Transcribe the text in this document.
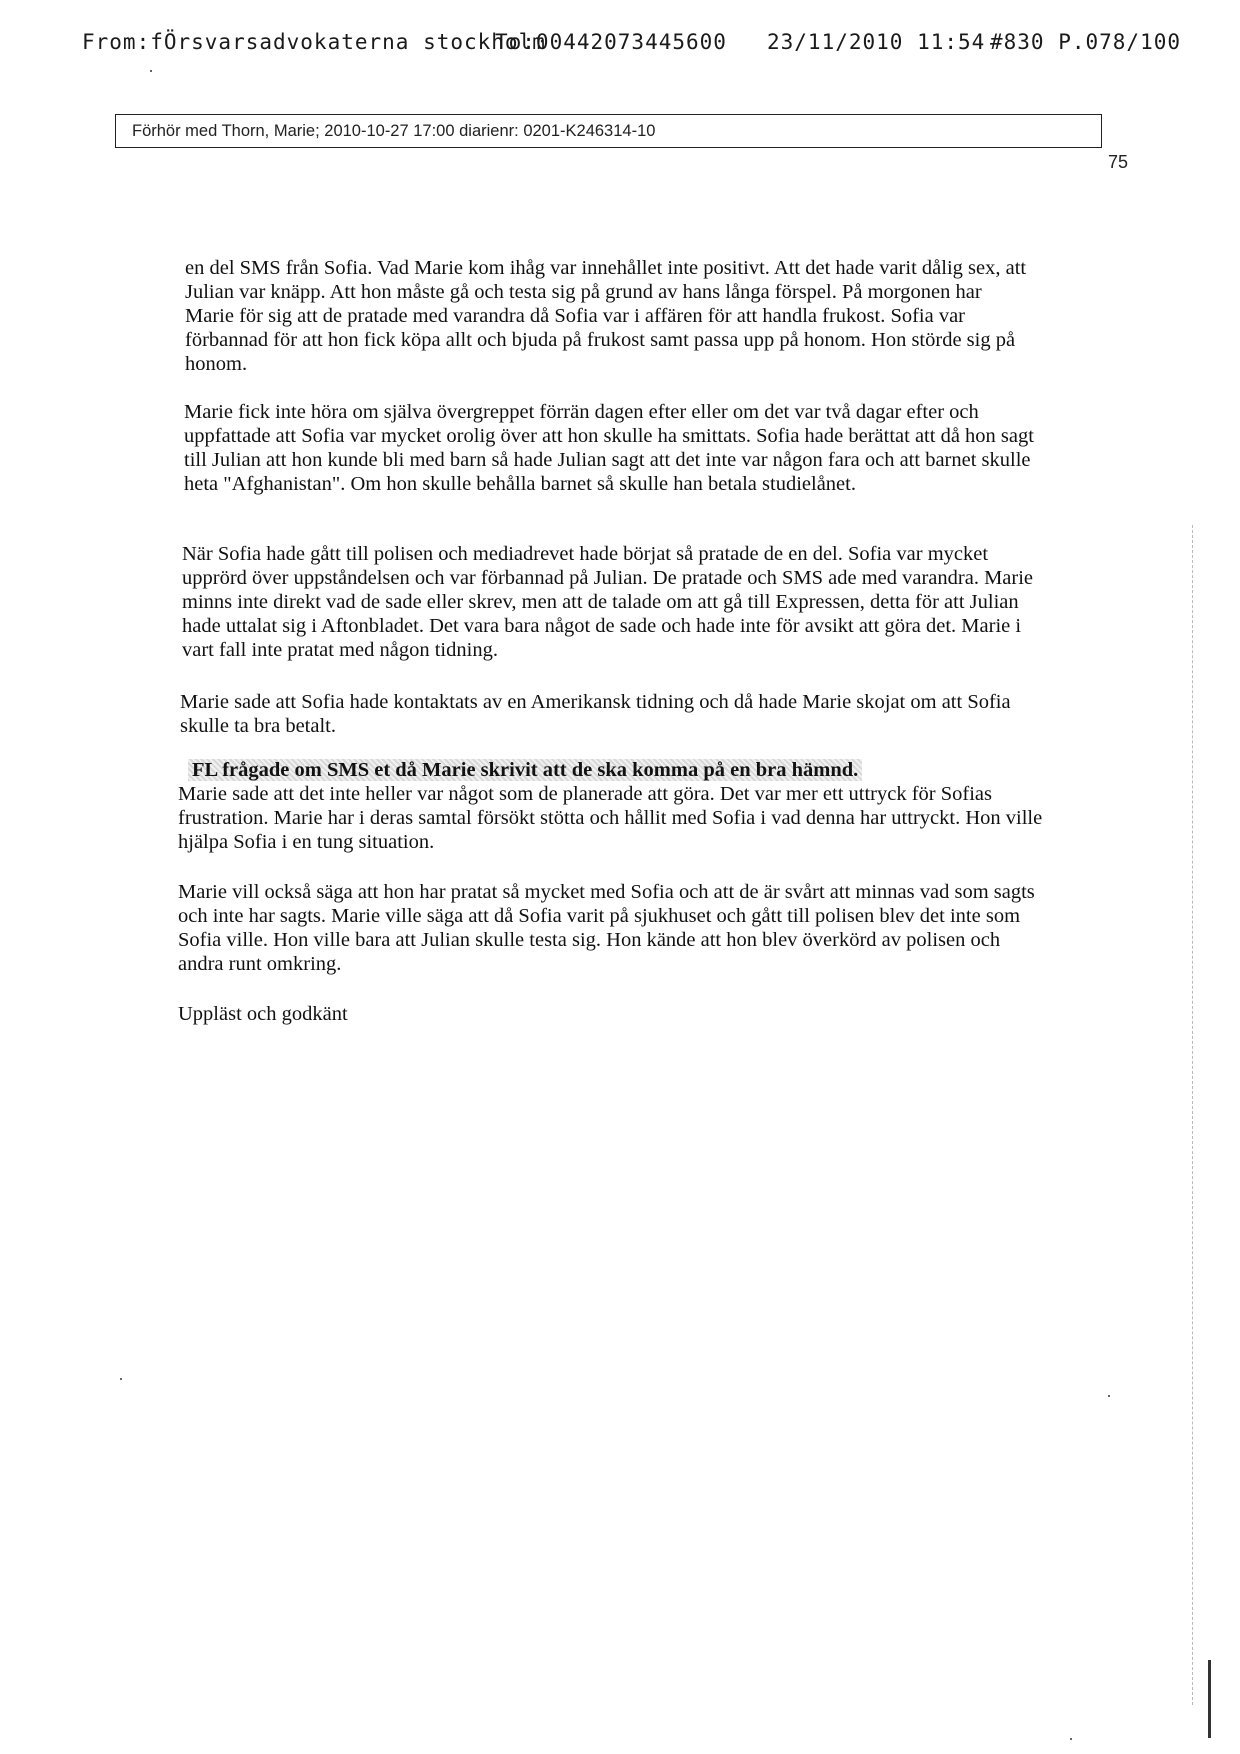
From:fÖrsvarsadvokaterna stockholm
To:00442073445600 23/11/2010 11:54 #830 P.078/100
Förhör med Thorn, Marie; 2010-10-27 17:00 diarienr: 0201-K246314-10
75
en del SMS från Sofia. Vad Marie kom ihåg var innehållet inte positivt. Att det hade varit dålig sex, att Julian var knäpp. Att hon måste gå och testa sig på grund av hans långa förspel. På morgonen har Marie för sig att de pratade med varandra då Sofia var i affären för att handla frukost. Sofia var förbannad för att hon fick köpa allt och bjuda på frukost samt passa upp på honom. Hon störde sig på honom.
Marie fick inte höra om själva övergreppet förrän dagen efter eller om det var två dagar efter och uppfattade att Sofia var mycket orolig över att hon skulle ha smittats. Sofia hade berättat att då hon sagt till Julian att hon kunde bli med barn så hade Julian sagt att det inte var någon fara och att barnet skulle heta "Afghanistan". Om hon skulle behålla barnet så skulle han betala studielånet.
När Sofia hade gått till polisen och mediadrevet hade börjat så pratade de en del. Sofia var mycket upprörd över uppståndelsen och var förbannad på Julian. De pratade och SMS ade med varandra. Marie minns inte direkt vad de sade eller skrev, men att de talade om att gå till Expressen, detta för att Julian hade uttalat sig i Aftonbladet. Det vara bara något de sade och hade inte för avsikt att göra det. Marie i vart fall inte pratat med någon tidning.
Marie sade att Sofia hade kontaktats av en Amerikansk tidning och då hade Marie skojat om att Sofia skulle ta bra betalt.
FL frågade om SMS et då Marie skrivit att de ska komma på en bra hämnd.
Marie sade att det inte heller var något som de planerade att göra. Det var mer ett uttryck för Sofias frustration. Marie har i deras samtal försökt stötta och hållit med Sofia i vad denna har uttryckt. Hon ville hjälpa Sofia i en tung situation.
Marie vill också säga att hon har pratat så mycket med Sofia och att de är svårt att minnas vad som sagts och inte har sagts. Marie ville säga att då Sofia varit på sjukhuset och gått till polisen blev det inte som Sofia ville. Hon ville bara att Julian skulle testa sig. Hon kände att hon blev överkörd av polisen och andra runt omkring.
Uppläst och godkänt
